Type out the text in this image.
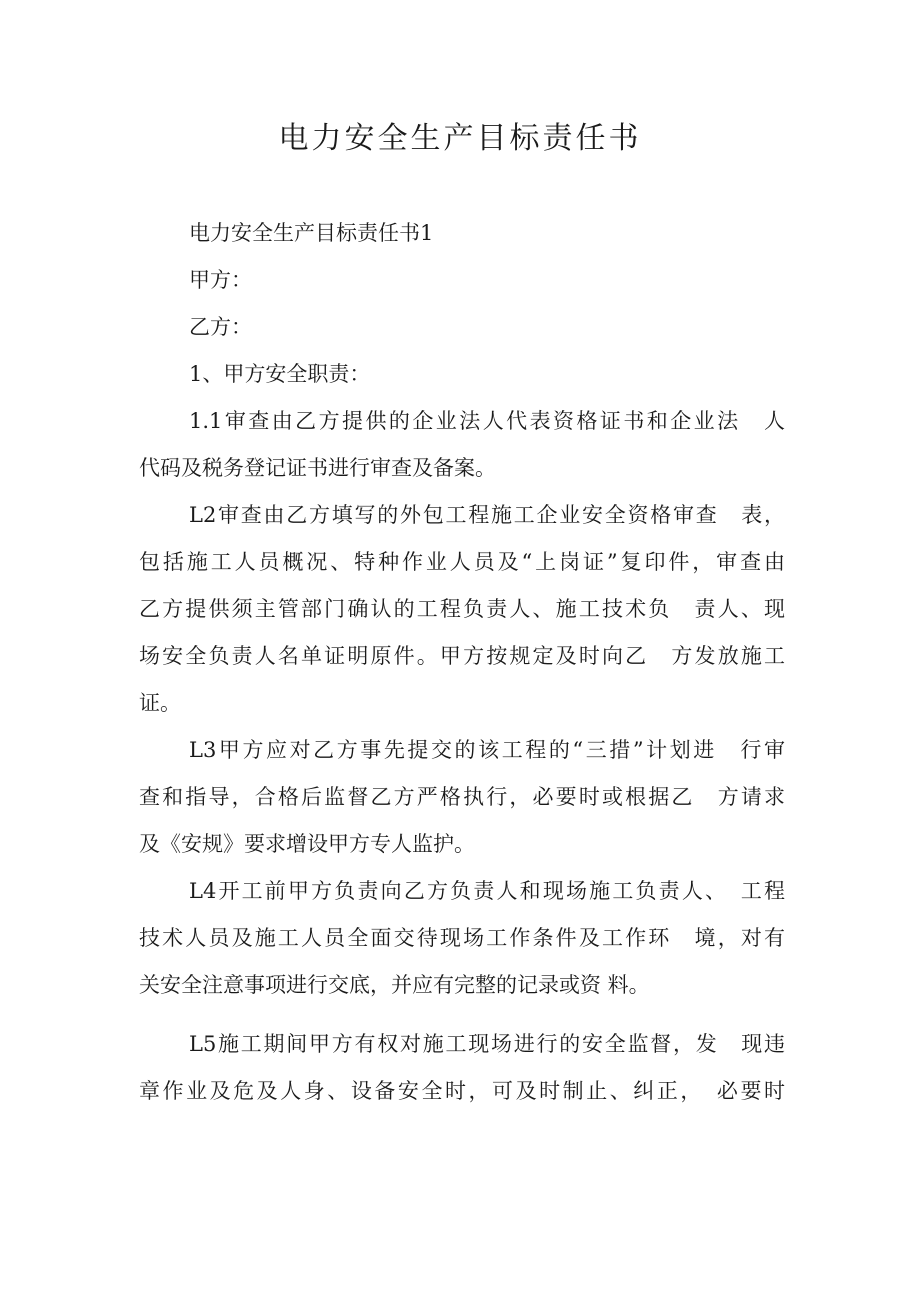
电力安全生产目标责任书
电力安全生产目标责任书1
甲方：
乙方：
1、甲方安全职责：
1.1审查由乙方提供的企业法人代表资格证书和企业法　人
代码及税务登记证书进行审查及备案。
L2审查由乙方填写的外包工程施工企业安全资格审查　表，
包括施工人员概况、特种作业人员及“上岗证”复印件，审查由
乙方提供须主管部门确认的工程负责人、施工技术负　责人、现
场安全负责人名单证明原件。甲方按规定及时向乙　方发放施工
证。
L3甲方应对乙方事先提交的该工程的“三措”计划进　行审
查和指导，合格后监督乙方严格执行，必要时或根据乙　方请求
及《安规》要求增设甲方专人监护。
L4开工前甲方负责向乙方负责人和现场施工负责人、　工程
技术人员及施工人员全面交待现场工作条件及工作环　境，对有
关安全注意事项进行交底，并应有完整的记录或资 料。
L5施工期间甲方有权对施工现场进行的安全监督，发　现违
章作业及危及人身、设备安全时，可及时制止、纠正，　必要时
